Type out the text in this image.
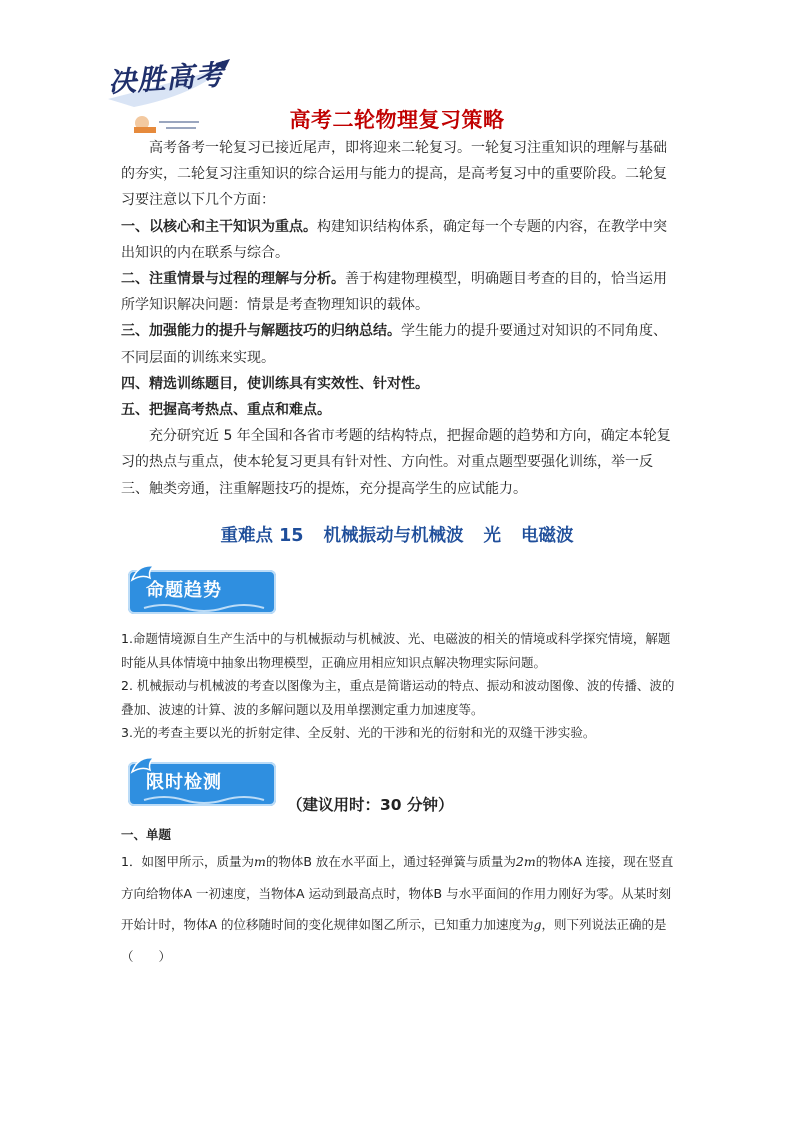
决胜高考
高考二轮物理复习策略

高考备考一轮复习已接近尾声，即将迎来二轮复习。一轮复习注重知识的理解与基础的夯实，二轮复习注重知识的综合运用与能力的提高，是高考复习中的重要阶段。二轮复习要注意以下几个方面：

一、以核心和主干知识为重点。构建知识结构体系，确定每一个专题的内容，在教学中突出知识的内在联系与综合。

二、注重情景与过程的理解与分析。善于构建物理模型，明确题目考查的目的，恰当运用所学知识解决问题：情景是考查物理知识的载体。

三、加强能力的提升与解题技巧的归纳总结。学生能力的提升要通过对知识的不同角度、不同层面的训练来实现。

四、精选训练题目，使训练具有实效性、针对性。

五、把握高考热点、重点和难点。

充分研究近 5 年全国和各省市考题的结构特点，把握命题的趋势和方向，确定本轮复习的热点与重点，使本轮复习更具有针对性、方向性。对重点题型要强化训练，举一反三、触类旁通，注重解题技巧的提炼，充分提高学生的应试能力。

重难点 15 机械振动与机械波 光 电磁波
命题趋势

1.命题情境源自生产生活中的与机械振动与机械波、光、电磁波的相关的情境或科学探究情境，解题时能从具体情境中抽象出物理模型，正确应用相应知识点解决物理实际问题。

2. 机械振动与机械波的考查以图像为主，重点是简谐运动的特点、振动和波动图像、波的传播、波的叠加、波速的计算、波的多解问题以及用单摆测定重力加速度等。

3.光的考查主要以光的折射定律、全反射、光的干涉和光的衍射和光的双缝干涉实验。

限时检测
（建议用时：30 分钟）
一、单题

1．如图甲所示，质量为m的物体B 放在水平面上，通过轻弹簧与质量为2m的物体A 连接，现在竖直方向给物体A 一初速度，当物体A 运动到最高点时，物体B 与水平面间的作用力刚好为零。从某时刻开始计时，物体A 的位移随时间的变化规律如图乙所示，已知重力加速度为g，则下列说法正确的是（　　）
